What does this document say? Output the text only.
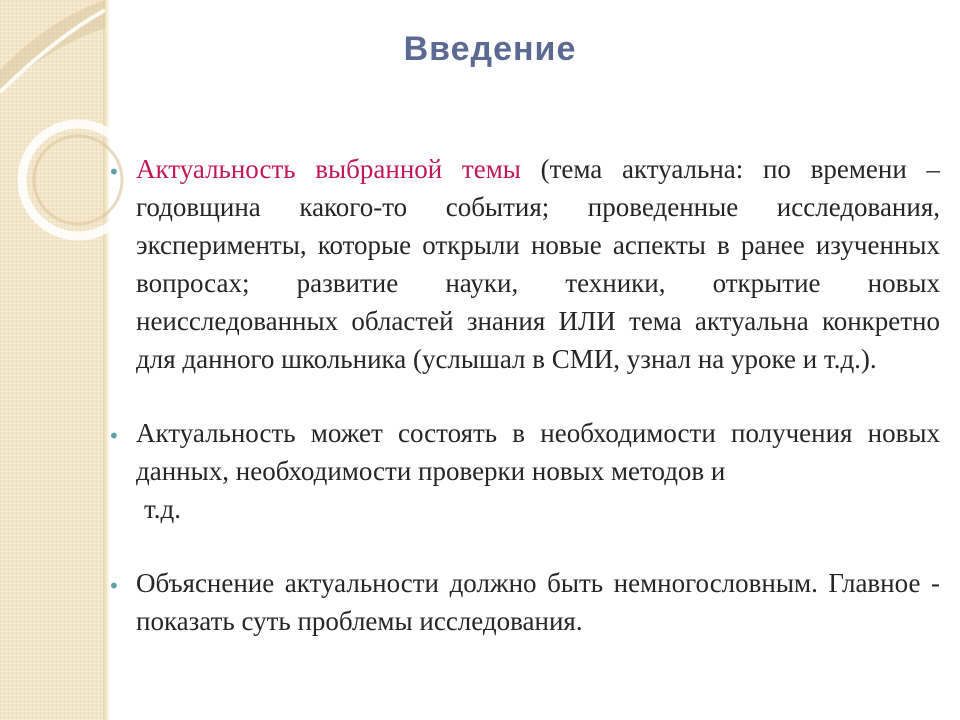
Введение
• Актуальность выбранной темы (тема актуальна: по времени – годовщина какого-то события; проведенные исследования, эксперименты, которые открыли новые аспекты в ранее изученных вопросах; развитие науки, техники, открытие новых неисследованных областей знания ИЛИ тема актуальна конкретно для данного школьника (услышал в СМИ, узнал на уроке и т.д.).
• Актуальность может состоять в необходимости получения новых данных, необходимости проверки новых методов и
т.д.
• Объяснение актуальности должно быть немногословным. Главное - показать суть проблемы исследования.
